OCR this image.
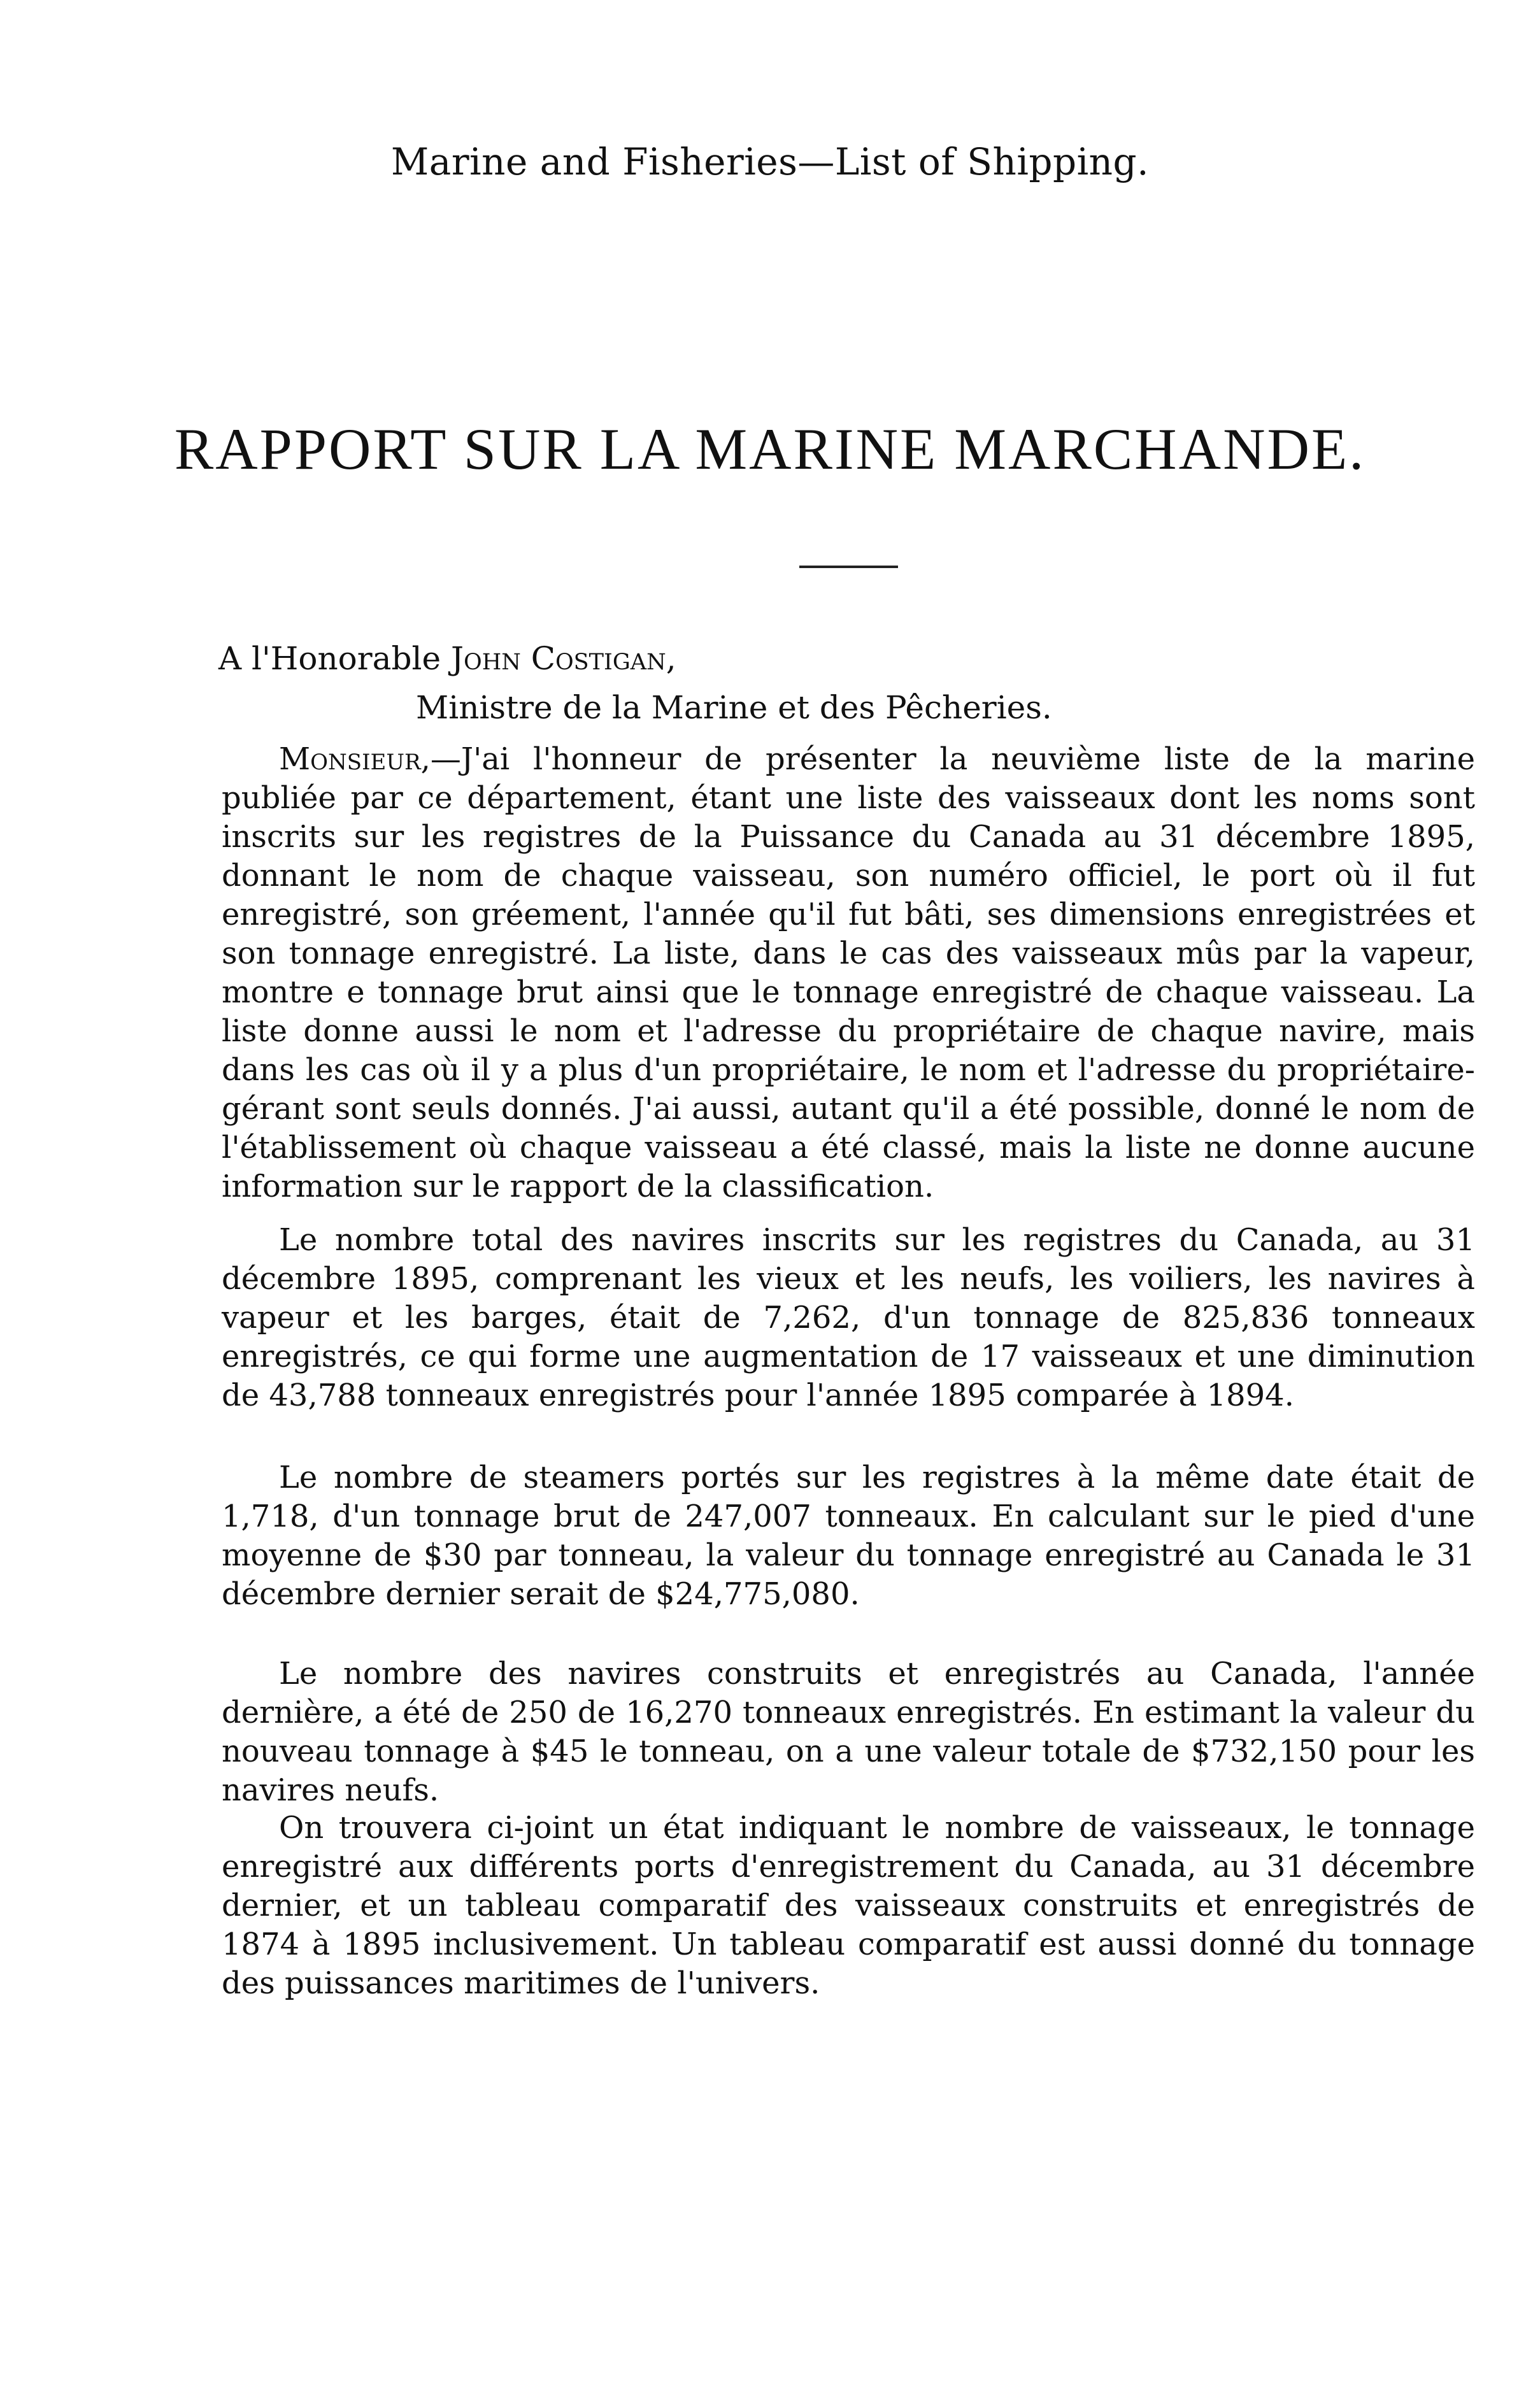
Marine and Fisheries—List of Shipping.
RAPPORT SUR LA MARINE MARCHANDE.
A l'Honorable John Costigan,
Ministre de la Marine et des Pêcheries.

Monsieur,—J'ai l'honneur de présenter la neuvième liste de la marine publiée par ce département, étant une liste des vaisseaux dont les noms sont inscrits sur les registres de la Puissance du Canada au 31 décembre 1895, donnant le nom de chaque vaisseau, son numéro officiel, le port où il fut enregistré, son gréement, l'année qu'il fut bâti, ses dimensions enregistrées et son tonnage enregistré. La liste, dans le cas des vaisseaux mûs par la vapeur, montre e tonnage brut ainsi que le tonnage enregistré de chaque vaisseau. La liste donne aussi le nom et l'adresse du propriétaire de chaque navire, mais dans les cas où il y a plus d'un propriétaire, le nom et l'adresse du propriétaire-gérant sont seuls donnés. J'ai aussi, autant qu'il a été possible, donné le nom de l'établissement où chaque vaisseau a été classé, mais la liste ne donne aucune information sur le rapport de la classification.

Le nombre total des navires inscrits sur les registres du Canada, au 31 décembre 1895, comprenant les vieux et les neufs, les voiliers, les navires à vapeur et les barges, était de 7,262, d'un tonnage de 825,836 tonneaux enregistrés, ce qui forme une augmentation de 17 vaisseaux et une diminution de 43,788 tonneaux enregistrés pour l'année 1895 comparée à 1894.

Le nombre de steamers portés sur les registres à la même date était de 1,718, d'un tonnage brut de 247,007 tonneaux. En calculant sur le pied d'une moyenne de $30 par tonneau, la valeur du tonnage enregistré au Canada le 31 décembre dernier serait de $24,775,080.

Le nombre des navires construits et enregistrés au Canada, l'année dernière, a été de 250 de 16,270 tonneaux enregistrés. En estimant la valeur du nouveau tonnage à $45 le tonneau, on a une valeur totale de $732,150 pour les navires neufs.

On trouvera ci-joint un état indiquant le nombre de vaisseaux, le tonnage enregistré aux différents ports d'enregistrement du Canada, au 31 décembre dernier, et un tableau comparatif des vaisseaux construits et enregistrés de 1874 à 1895 inclusivement. Un tableau comparatif est aussi donné du tonnage des puissances maritimes de l'univers.
